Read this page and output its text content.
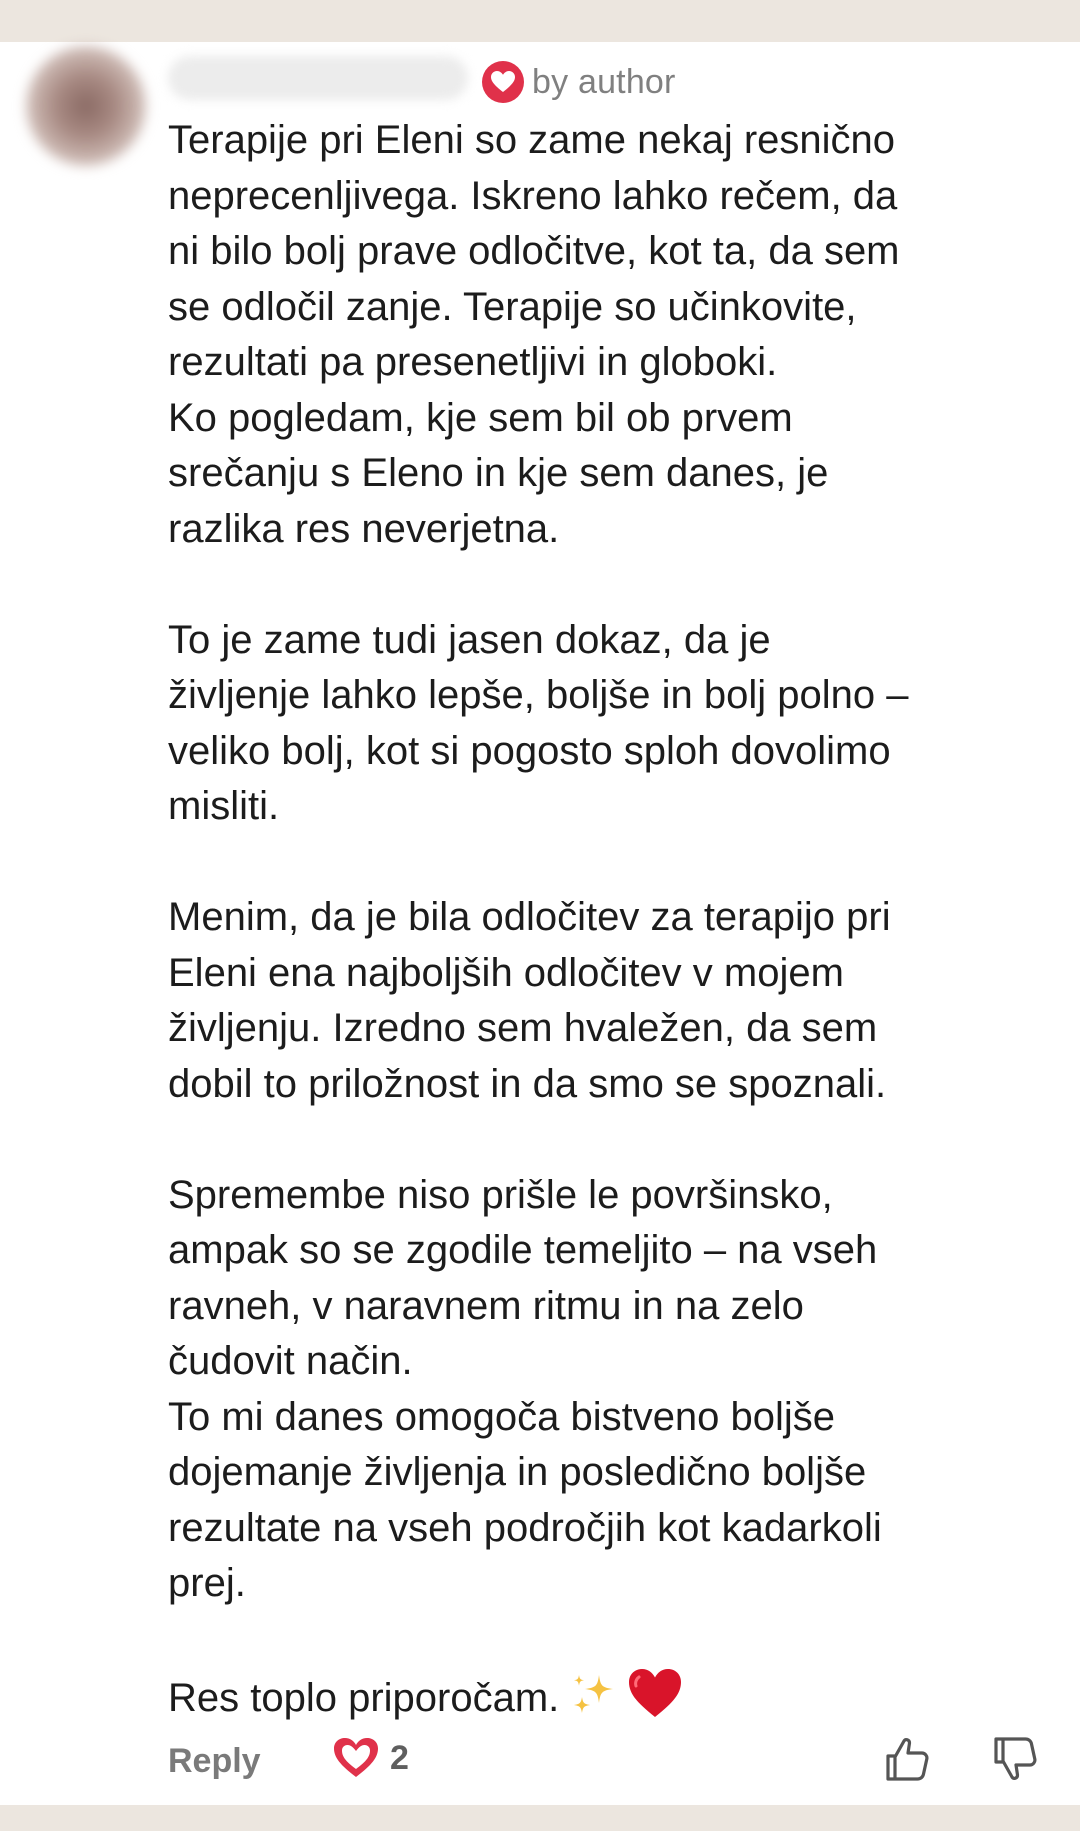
by author

Terapije pri Eleni so zame nekaj resnično
neprecenljivega. Iskreno lahko rečem, da
ni bilo bolj prave odločitve, kot ta, da sem
se odločil zanje. Terapije so učinkovite,
rezultati pa presenetljivi in globoki.
Ko pogledam, kje sem bil ob prvem
srečanju s Eleno in kje sem danes, je
razlika res neverjetna.

To je zame tudi jasen dokaz, da je
življenje lahko lepše, boljše in bolj polno –
veliko bolj, kot si pogosto sploh dovolimo
misliti.

Menim, da je bila odločitev za terapijo pri
Eleni ena najboljših odločitev v mojem
življenju. Izredno sem hvaležen, da sem
dobil to priložnost in da smo se spoznali.

Spremembe niso prišle le površinsko,
ampak so se zgodile temeljito – na vseh
ravneh, v naravnem ritmu in na zelo
čudovit način.
To mi danes omogoča bistveno boljše
dojemanje življenja in posledično boljše
rezultate na vseh področjih kot kadarkoli
prej.

Res toplo priporočam.

Reply	2
